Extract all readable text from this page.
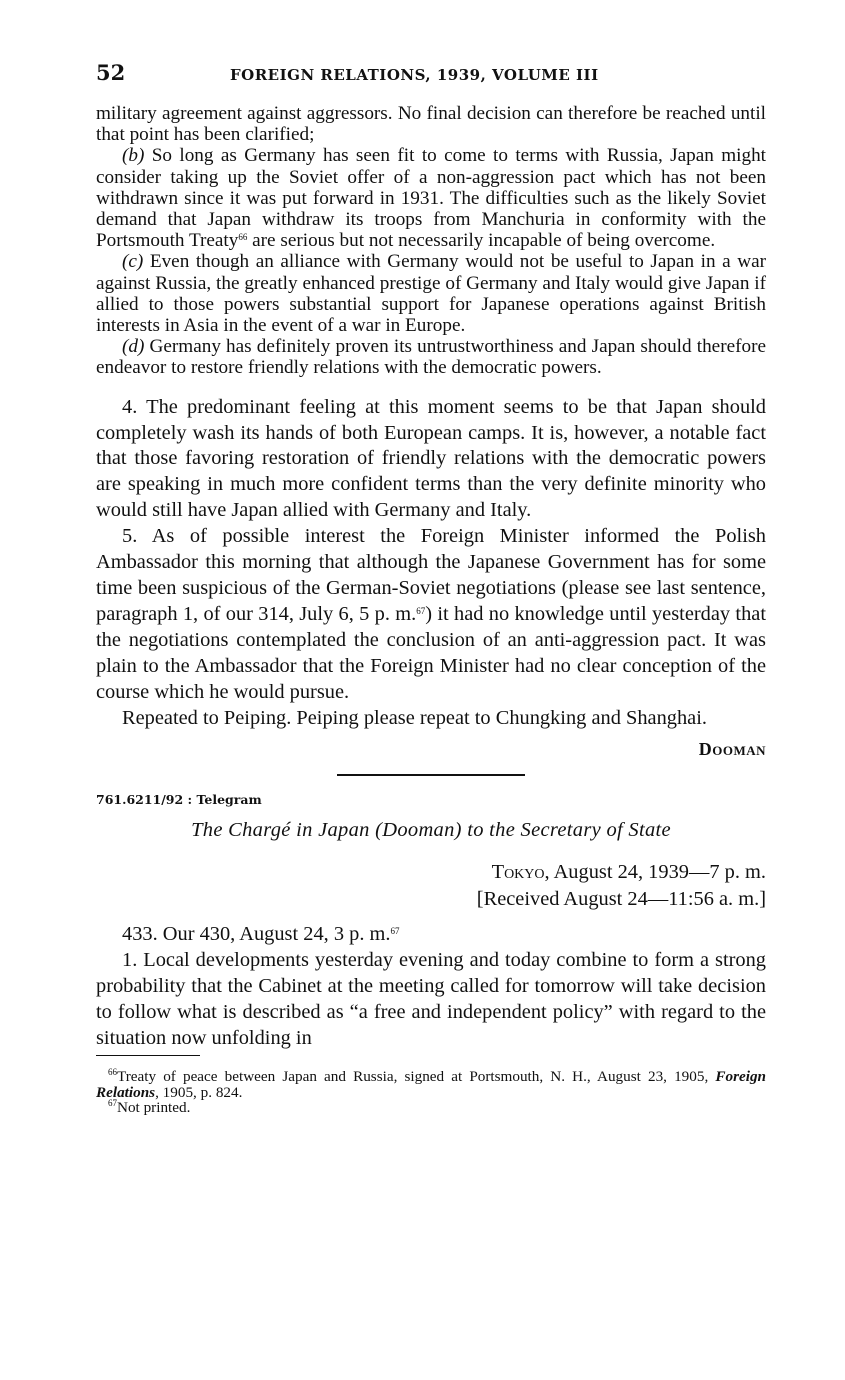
52	FOREIGN RELATIONS, 1939, VOLUME III

military agreement against aggressors. No final decision can therefore be reached until that point has been clarified;

(b) So long as Germany has seen fit to come to terms with Russia, Japan might consider taking up the Soviet offer of a non-aggression pact which has not been withdrawn since it was put forward in 1931. The difficulties such as the likely Soviet demand that Japan withdraw its troops from Manchuria in conformity with the Portsmouth Treaty$^{66}$ are serious but not necessarily incapable of being overcome.

(c) Even though an alliance with Germany would not be useful to Japan in a war against Russia, the greatly enhanced prestige of Germany and Italy would give Japan if allied to those powers substantial support for Japanese operations against British interests in Asia in the event of a war in Europe.

(d) Germany has definitely proven its untrustworthiness and Japan should therefore endeavor to restore friendly relations with the democratic powers.

4. The predominant feeling at this moment seems to be that Japan should completely wash its hands of both European camps. It is, however, a notable fact that those favoring restoration of friendly relations with the democratic powers are speaking in much more confident terms than the very definite minority who would still have Japan allied with Germany and Italy.

5. As of possible interest the Foreign Minister informed the Polish Ambassador this morning that although the Japanese Government has for some time been suspicious of the German-Soviet negotiations (please see last sentence, paragraph 1, of our 314, July 6, 5 p. m.$^{67}$) it had no knowledge until yesterday that the negotiations contemplated the conclusion of an anti-aggression pact. It was plain to the Ambassador that the Foreign Minister had no clear conception of the course which he would pursue.

Repeated to Peiping. Peiping please repeat to Chungking and Shanghai.

Dooman
761.6211/92 : Telegram
The Chargé in Japan (Dooman) to the Secretary of State
Tokyo, August 24, 1939—7 p. m.
[Received August 24—11:56 a. m.]

433. Our 430, August 24, 3 p. m.$^{67}$

1. Local developments yesterday evening and today combine to form a strong probability that the Cabinet at the meeting called for tomorrow will take decision to follow what is described as “a free and independent policy” with regard to the situation now unfolding in

$^{66}$Treaty of peace between Japan and Russia, signed at Portsmouth, N. H., August 23, 1905, Foreign Relations, 1905, p. 824.

$^{67}$Not printed.
